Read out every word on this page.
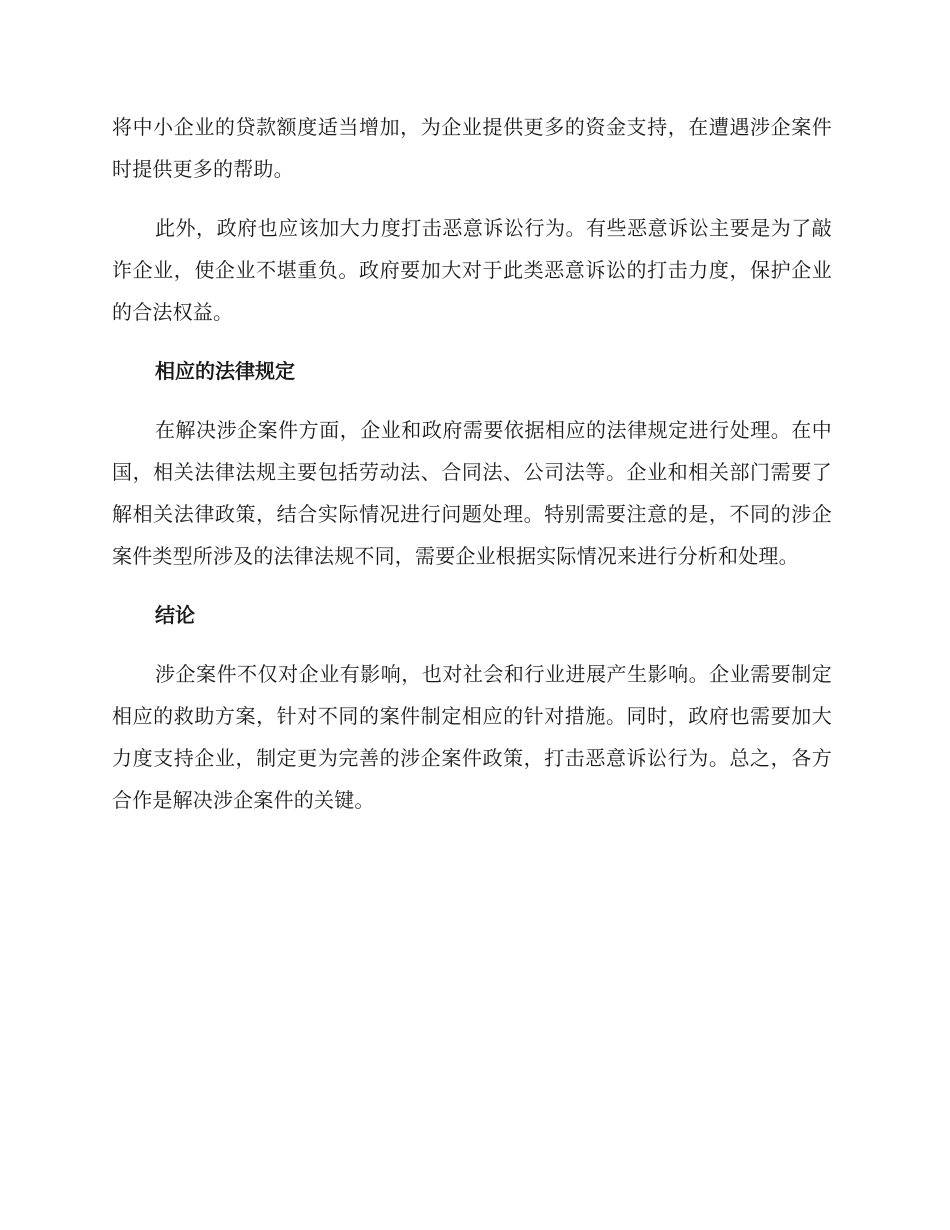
将中小企业的贷款额度适当增加，为企业提供更多的资金支持，在遭遇涉企案件时提供更多的帮助。

此外，政府也应该加大力度打击恶意诉讼行为。有些恶意诉讼主要是为了敲诈企业，使企业不堪重负。政府要加大对于此类恶意诉讼的打击力度，保护企业的合法权益。

相应的法律规定

在解决涉企案件方面，企业和政府需要依据相应的法律规定进行处理。在中国，相关法律法规主要包括劳动法、合同法、公司法等。企业和相关部门需要了解相关法律政策，结合实际情况进行问题处理。特别需要注意的是，不同的涉企案件类型所涉及的法律法规不同，需要企业根据实际情况来进行分析和处理。

结论

涉企案件不仅对企业有影响，也对社会和行业进展产生影响。企业需要制定相应的救助方案，针对不同的案件制定相应的针对措施。同时，政府也需要加大力度支持企业，制定更为完善的涉企案件政策，打击恶意诉讼行为。总之，各方合作是解决涉企案件的关键。
